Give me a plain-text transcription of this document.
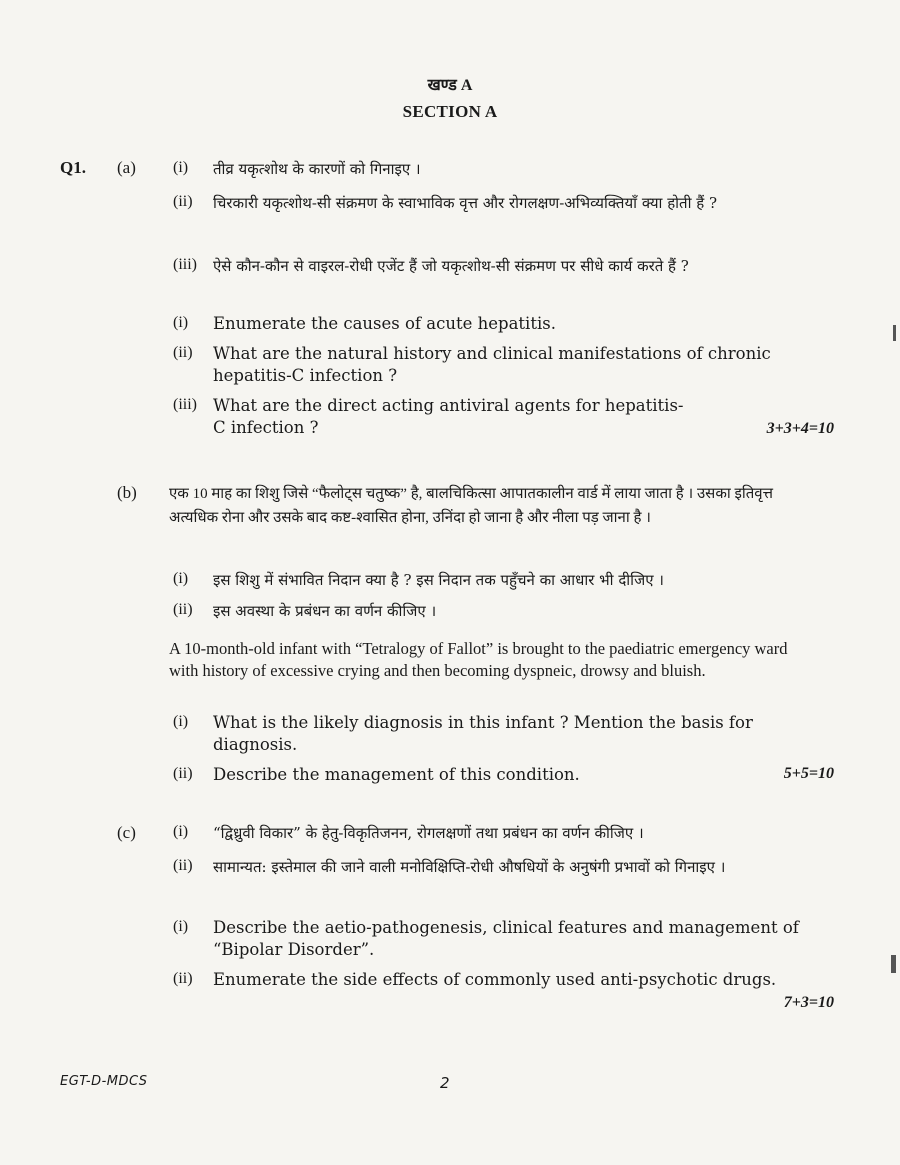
खण्ड A
SECTION A
Q1. (a) (i) तीव्र यकृत्शोथ के कारणों को गिनाइए ।
(ii) चिरकारी यकृत्शोथ-सी संक्रमण के स्वाभाविक वृत्त और रोगलक्षण-अभिव्यक्तियाँ क्या होती हैं ?
(iii) ऐसे कौन-कौन से वाइरल-रोधी एजेंट हैं जो यकृत्शोथ-सी संक्रमण पर सीधे कार्य करते हैं ?
(i) Enumerate the causes of acute hepatitis.
(ii) What are the natural history and clinical manifestations of chronic hepatitis-C infection ?
(iii) What are the direct acting antiviral agents for hepatitis-C infection ?	3+3+4=10
(b) एक 10 माह का शिशु जिसे “फैलोट्स चतुष्क” है, बालचिकित्सा आपातकालीन वार्ड में लाया जाता है । उसका इतिवृत्त अत्यधिक रोना और उसके बाद कष्ट-श्वासित होना, उनिंदा हो जाना है और नीला पड़ जाना है ।
(i) इस शिशु में संभावित निदान क्या है ? इस निदान तक पहुँचने का आधार भी दीजिए ।
(ii) इस अवस्था के प्रबंधन का वर्णन कीजिए ।
A 10-month-old infant with “Tetralogy of Fallot” is brought to the paediatric emergency ward with history of excessive crying and then becoming dyspneic, drowsy and bluish.
(i) What is the likely diagnosis in this infant ? Mention the basis for diagnosis.
(ii) Describe the management of this condition.	5+5=10
(c) (i) “द्विध्रुवी विकार” के हेतु-विकृतिजनन, रोगलक्षणों तथा प्रबंधन का वर्णन कीजिए ।
(ii) सामान्यत: इस्तेमाल की जाने वाली मनोविक्षिप्ति-रोधी औषधियों के अनुषंगी प्रभावों को गिनाइए ।
(i) Describe the aetio-pathogenesis, clinical features and management of “Bipolar Disorder”.
(ii) Enumerate the side effects of commonly used anti-psychotic drugs.
7+3=10
EGT-D-MDCS	2
